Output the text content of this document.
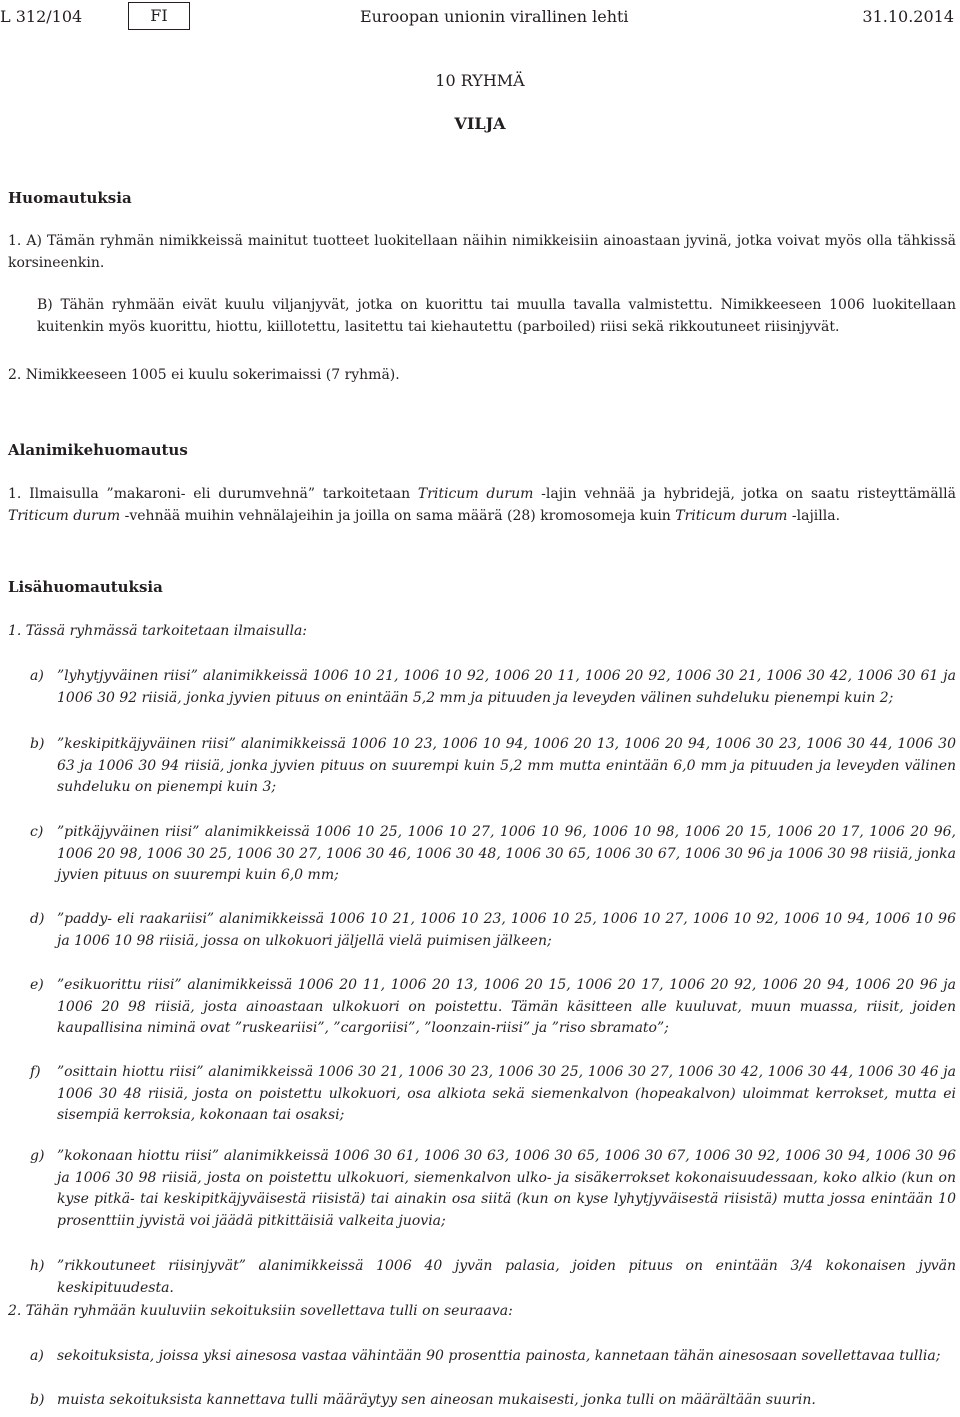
L 312/104	FI	Euroopan unionin virallinen lehti	31.10.2014
10 RYHMÄ
VILJA
Huomautuksia
1. A) Tämän ryhmän nimikkeissä mainitut tuotteet luokitellaan näihin nimikkeisiin ainoastaan jyvinä, jotka voivat myös olla tähkissä korsineenkin.
B) Tähän ryhmään eivät kuulu viljanjyvät, jotka on kuorittu tai muulla tavalla valmistettu. Nimikkeeseen 1006 luokitellaan kuitenkin myös kuorittu, hiottu, kiillotettu, lasitettu tai kiehautettu (parboiled) riisi sekä rikkoutuneet riisinjyvät.
2. Nimikkeeseen 1005 ei kuulu sokerimaissi (7 ryhmä).
Alanimikehuomautus
1. Ilmaisulla ”makaroni- eli durumvehnä” tarkoitetaan Triticum durum -lajin vehnää ja hybridejä, jotka on saatu risteyttämällä Triticum durum -vehnää muihin vehnälajeihin ja joilla on sama määrä (28) kromosomeja kuin Triticum durum -lajilla.
Lisähuomautuksia
1. Tässä ryhmässä tarkoitetaan ilmaisulla:
a) ”lyhytjyväinen riisi” alanimikkeissä 1006 10 21, 1006 10 92, 1006 20 11, 1006 20 92, 1006 30 21, 1006 30 42, 1006 30 61 ja 1006 30 92 riisiä, jonka jyvien pituus on enintään 5,2 mm ja pituuden ja leveyden välinen suhdeluku pienempi kuin 2;
b) ”keskipitkäjyväinen riisi” alanimikkeissä 1006 10 23, 1006 10 94, 1006 20 13, 1006 20 94, 1006 30 23, 1006 30 44, 1006 30 63 ja 1006 30 94 riisiä, jonka jyvien pituus on suurempi kuin 5,2 mm mutta enintään 6,0 mm ja pituuden ja leveyden välinen suhdeluku on pienempi kuin 3;
c) ”pitkäjyväinen riisi” alanimikkeissä 1006 10 25, 1006 10 27, 1006 10 96, 1006 10 98, 1006 20 15, 1006 20 17, 1006 20 96, 1006 20 98, 1006 30 25, 1006 30 27, 1006 30 46, 1006 30 48, 1006 30 65, 1006 30 67, 1006 30 96 ja 1006 30 98 riisiä, jonka jyvien pituus on suurempi kuin 6,0 mm;
d) ”paddy- eli raakariisi” alanimikkeissä 1006 10 21, 1006 10 23, 1006 10 25, 1006 10 27, 1006 10 92, 1006 10 94, 1006 10 96 ja 1006 10 98 riisiä, jossa on ulkokuori jäljellä vielä puimisen jälkeen;
e) ”esikuorittu riisi” alanimikkeissä 1006 20 11, 1006 20 13, 1006 20 15, 1006 20 17, 1006 20 92, 1006 20 94, 1006 20 96 ja 1006 20 98 riisiä, josta ainoastaan ulkokuori on poistettu. Tämän käsitteen alle kuuluvat, muun muassa, riisit, joiden kaupallisina niminä ovat ”ruskeariisi”, ”cargoriisi”, ”loonzain-riisi” ja ”riso sbramato”;
f) ”osittain hiottu riisi” alanimikkeissä 1006 30 21, 1006 30 23, 1006 30 25, 1006 30 27, 1006 30 42, 1006 30 44, 1006 30 46 ja 1006 30 48 riisiä, josta on poistettu ulkokuori, osa alkiota sekä siemenkalvon (hopeakalvon) uloimmat kerrokset, mutta ei sisempiä kerroksia, kokonaan tai osaksi;
g) ”kokonaan hiottu riisi” alanimikkeissä 1006 30 61, 1006 30 63, 1006 30 65, 1006 30 67, 1006 30 92, 1006 30 94, 1006 30 96 ja 1006 30 98 riisiä, josta on poistettu ulkokuori, siemenkalvon ulko- ja sisäkerrokset kokonaisuudessaan, koko alkio (kun on kyse pitkä- tai keskipitkäjyväisestä riisistä) tai ainakin osa siitä (kun on kyse lyhytjyväisestä riisistä) mutta jossa enintään 10 prosenttiin jyvistä voi jäädä pitkittäisiä valkeita juovia;
h) ”rikkoutuneet riisinjyvät” alanimikkeissä 1006 40 jyvän palasia, joiden pituus on enintään 3/4 kokonaisen jyvän keskipituudesta.
2. Tähän ryhmään kuuluviin sekoituksiin sovellettava tulli on seuraava:
a) sekoituksista, joissa yksi ainesosa vastaa vähintään 90 prosenttia painosta, kannetaan tähän ainesosaan sovellettavaa tullia;
b) muista sekoituksista kannettava tulli määräytyy sen aineosan mukaisesti, jonka tulli on määrältään suurin.
